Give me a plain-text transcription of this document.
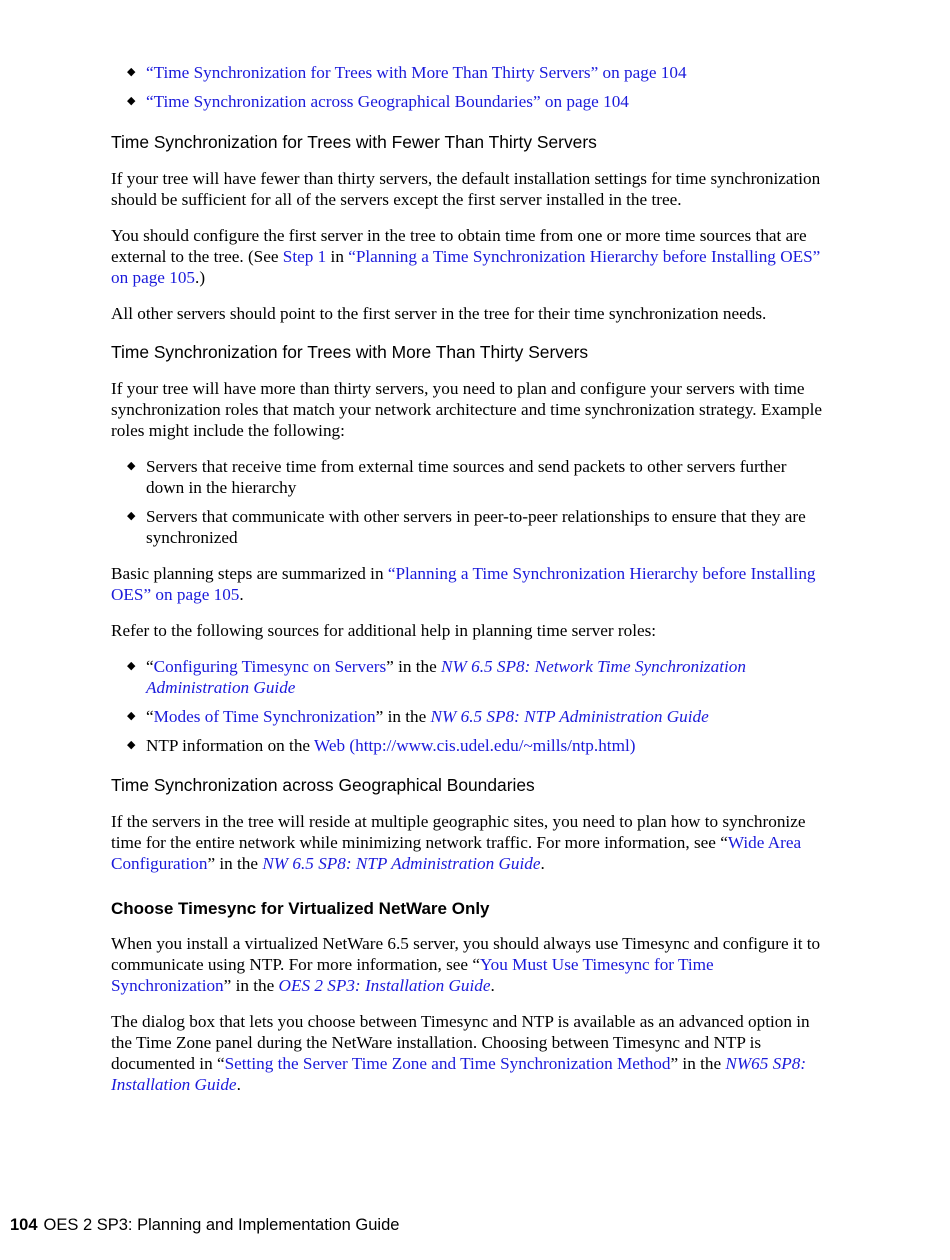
◆ “Time Synchronization for Trees with More Than Thirty Servers” on page 104
◆ “Time Synchronization across Geographical Boundaries” on page 104
Time Synchronization for Trees with Fewer Than Thirty Servers

If your tree will have fewer than thirty servers, the default installation settings for time synchronization should be sufficient for all of the servers except the first server installed in the tree.

You should configure the first server in the tree to obtain time from one or more time sources that are external to the tree. (See Step 1 in “Planning a Time Synchronization Hierarchy before Installing OES” on page 105.)

All other servers should point to the first server in the tree for their time synchronization needs.

Time Synchronization for Trees with More Than Thirty Servers

If your tree will have more than thirty servers, you need to plan and configure your servers with time synchronization roles that match your network architecture and time synchronization strategy. Example roles might include the following:

◆ Servers that receive time from external time sources and send packets to other servers further down in the hierarchy
◆ Servers that communicate with other servers in peer-to-peer relationships to ensure that they are synchronized

Basic planning steps are summarized in “Planning a Time Synchronization Hierarchy before Installing OES” on page 105.

Refer to the following sources for additional help in planning time server roles:

◆ “Configuring Timesync on Servers” in the NW 6.5 SP8: Network Time Synchronization Administration Guide
◆ “Modes of Time Synchronization” in the NW 6.5 SP8: NTP Administration Guide
◆ NTP information on the Web (http://www.cis.udel.edu/~mills/ntp.html)
Time Synchronization across Geographical Boundaries

If the servers in the tree will reside at multiple geographic sites, you need to plan how to synchronize time for the entire network while minimizing network traffic. For more information, see “Wide Area Configuration” in the NW 6.5 SP8: NTP Administration Guide.

Choose Timesync for Virtualized NetWare Only

When you install a virtualized NetWare 6.5 server, you should always use Timesync and configure it to communicate using NTP. For more information, see “You Must Use Timesync for Time Synchronization” in the OES 2 SP3: Installation Guide.

The dialog box that lets you choose between Timesync and NTP is available as an advanced option in the Time Zone panel during the NetWare installation. Choosing between Timesync and NTP is documented in “Setting the Server Time Zone and Time Synchronization Method” in the NW65 SP8: Installation Guide.

104 OES 2 SP3: Planning and Implementation Guide
